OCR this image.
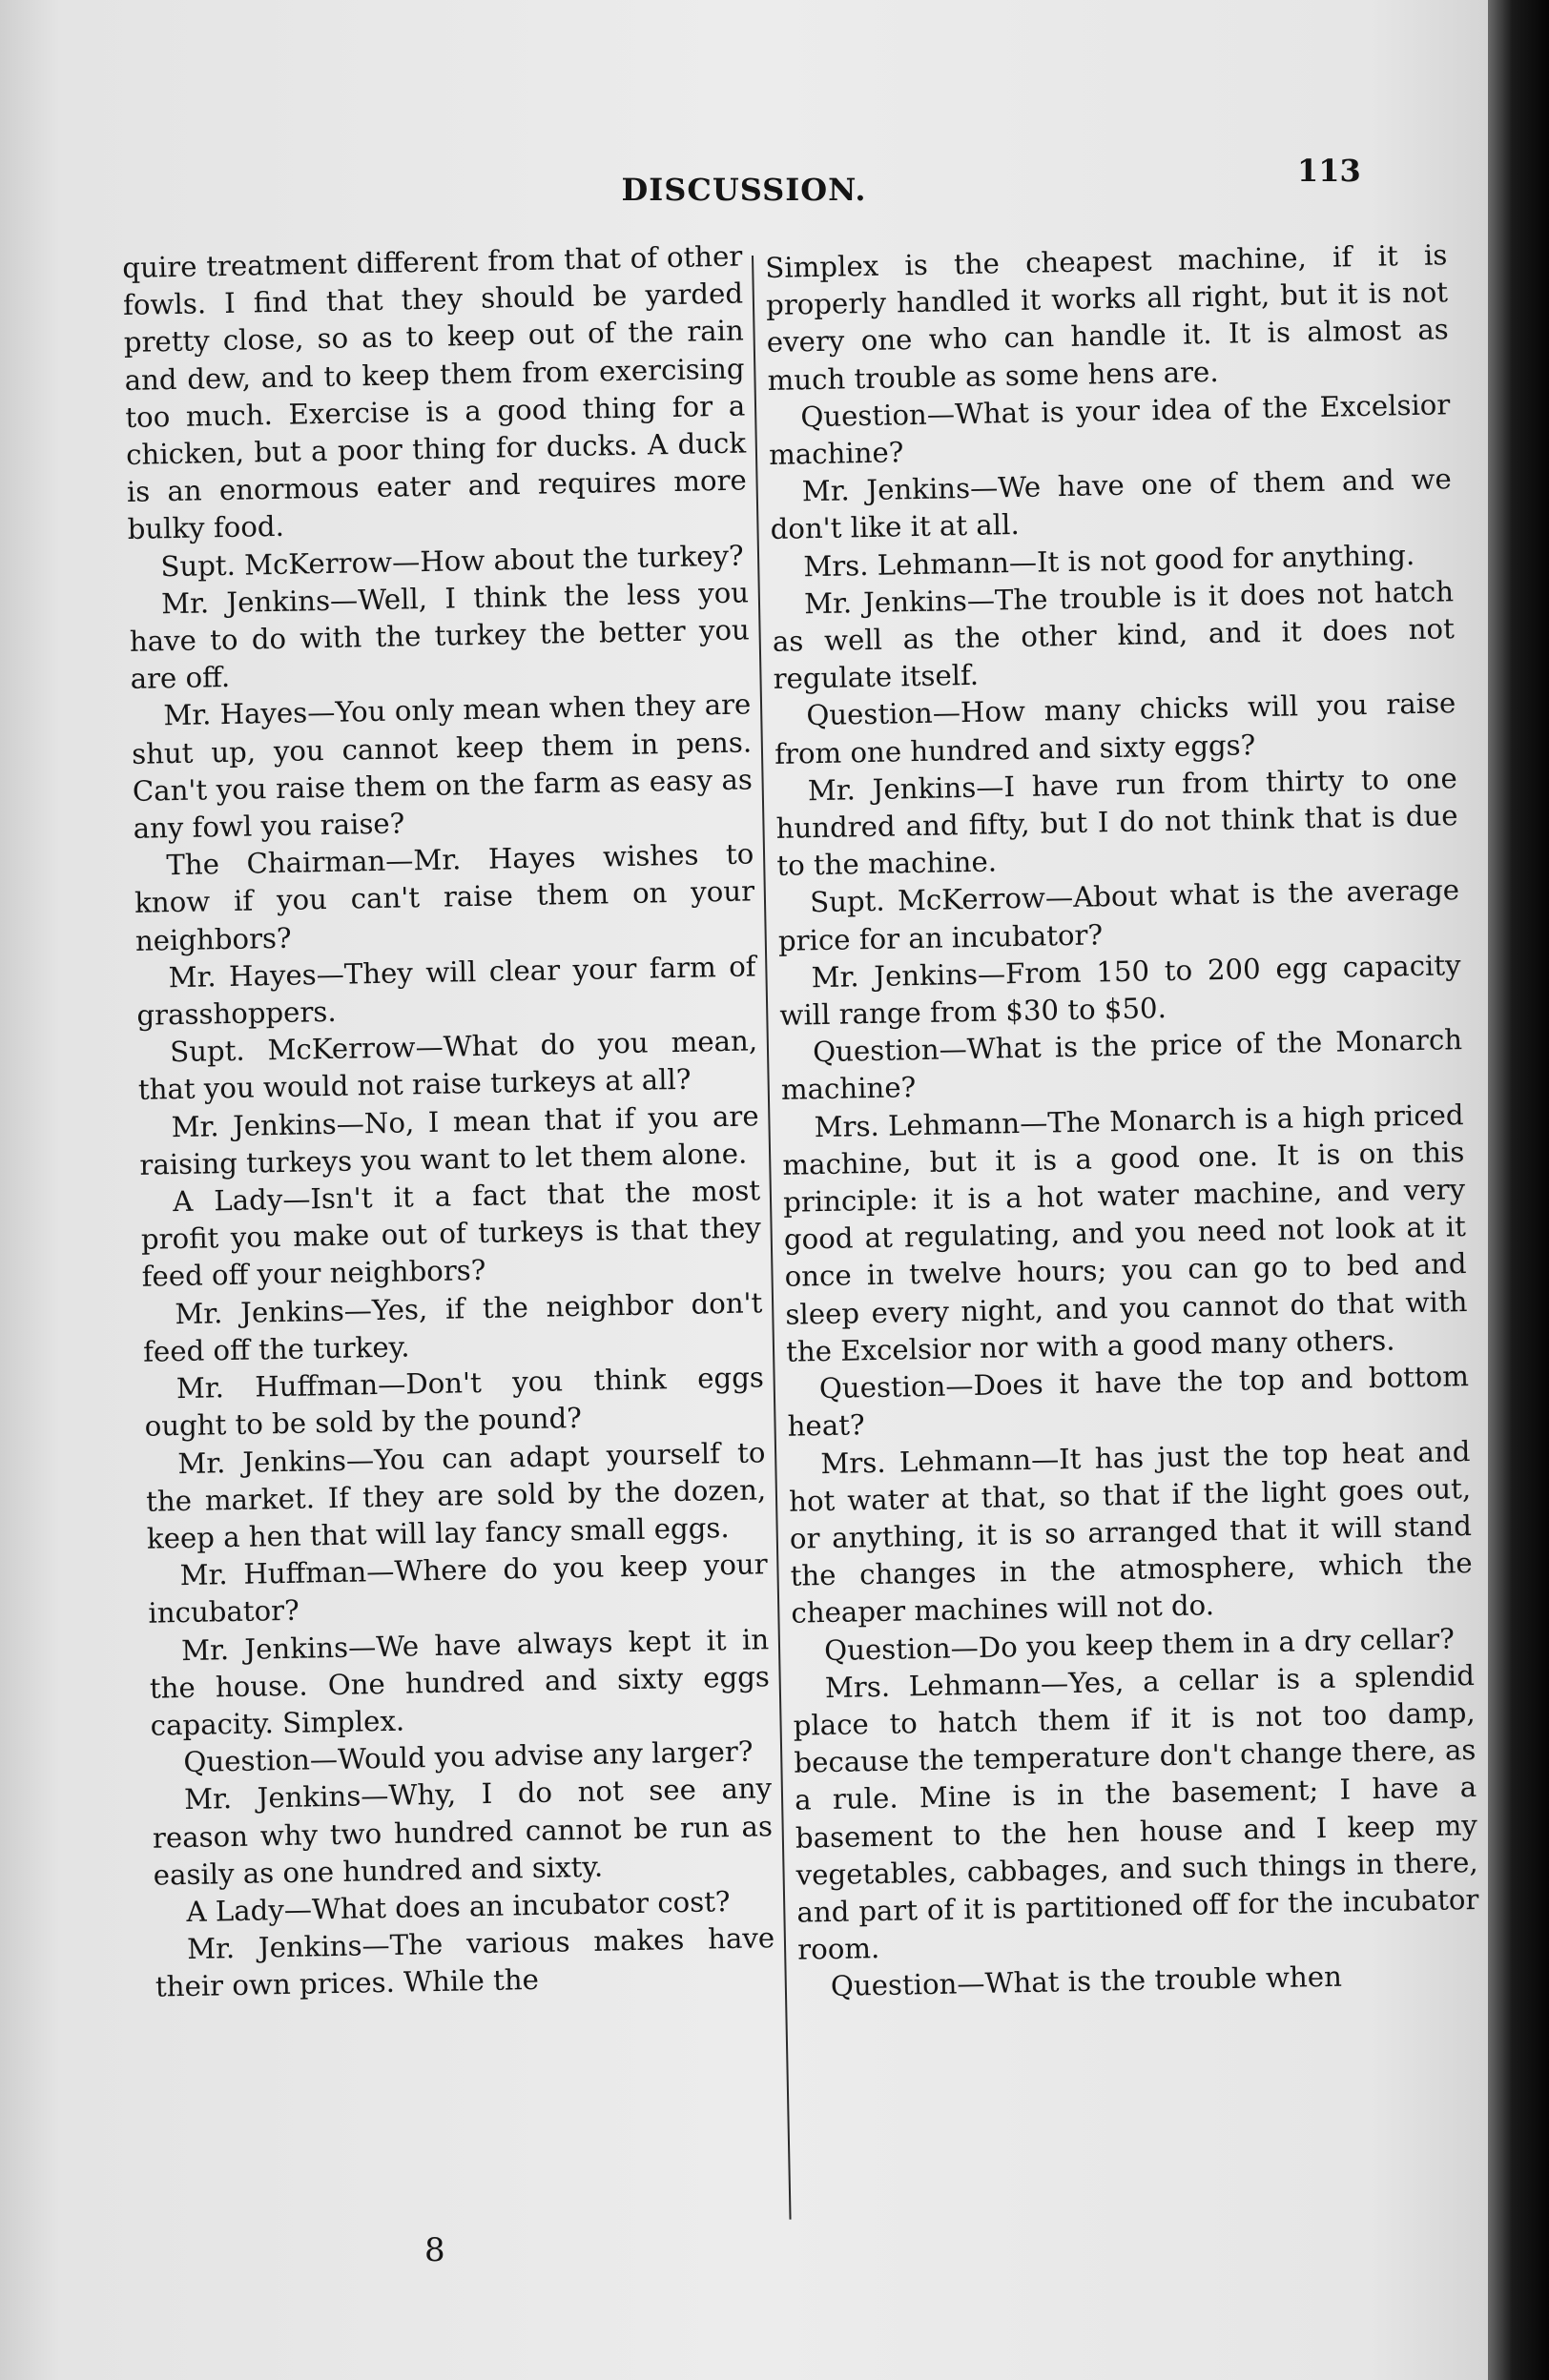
113
DISCUSSION.

quire treatment different from that of other fowls. I find that they should be yarded pretty close, so as to keep out of the rain and dew, and to keep them from exercising too much. Exercise is a good thing for a chicken, but a poor thing for ducks. A duck is an enormous eater and requires more bulky food.

Supt. McKerrow—How about the turkey?

Mr. Jenkins—Well, I think the less you have to do with the turkey the better you are off.

Mr. Hayes—You only mean when they are shut up, you cannot keep them in pens. Can't you raise them on the farm as easy as any fowl you raise?

The Chairman—Mr. Hayes wishes to know if you can't raise them on your neighbors?

Mr. Hayes—They will clear your farm of grasshoppers.

Supt. McKerrow—What do you mean, that you would not raise turkeys at all?

Mr. Jenkins—No, I mean that if you are raising turkeys you want to let them alone.

A Lady—Isn't it a fact that the most profit you make out of turkeys is that they feed off your neighbors?

Mr. Jenkins—Yes, if the neighbor don't feed off the turkey.

Mr. Huffman—Don't you think eggs ought to be sold by the pound?

Mr. Jenkins—You can adapt yourself to the market. If they are sold by the dozen, keep a hen that will lay fancy small eggs.

Mr. Huffman—Where do you keep your incubator?

Mr. Jenkins—We have always kept it in the house. One hundred and sixty eggs capacity. Simplex.

Question—Would you advise any larger?

Mr. Jenkins—Why, I do not see any reason why two hundred cannot be run as easily as one hundred and sixty.

A Lady—What does an incubator cost?

Mr. Jenkins—The various makes have their own prices. While the

Simplex is the cheapest machine, if it is properly handled it works all right, but it is not every one who can handle it. It is almost as much trouble as some hens are.

Question—What is your idea of the Excelsior machine?

Mr. Jenkins—We have one of them and we don't like it at all.

Mrs. Lehmann—It is not good for anything.

Mr. Jenkins—The trouble is it does not hatch as well as the other kind, and it does not regulate itself.

Question—How many chicks will you raise from one hundred and sixty eggs?

Mr. Jenkins—I have run from thirty to one hundred and fifty, but I do not think that is due to the machine.

Supt. McKerrow—About what is the average price for an incubator?

Mr. Jenkins—From 150 to 200 egg capacity will range from $30 to $50.

Question—What is the price of the Monarch machine?

Mrs. Lehmann—The Monarch is a high priced machine, but it is a good one. It is on this principle: it is a hot water machine, and very good at regulating, and you need not look at it once in twelve hours; you can go to bed and sleep every night, and you cannot do that with the Excelsior nor with a good many others.

Question—Does it have the top and bottom heat?

Mrs. Lehmann—It has just the top heat and hot water at that, so that if the light goes out, or anything, it is so arranged that it will stand the changes in the atmosphere, which the cheaper machines will not do.

Question—Do you keep them in a dry cellar?

Mrs. Lehmann—Yes, a cellar is a splendid place to hatch them if it is not too damp, because the temperature don't change there, as a rule. Mine is in the basement; I have a basement to the hen house and I keep my vegetables, cabbages, and such things in there, and part of it is partitioned off for the incubator room.

Question—What is the trouble when

8
